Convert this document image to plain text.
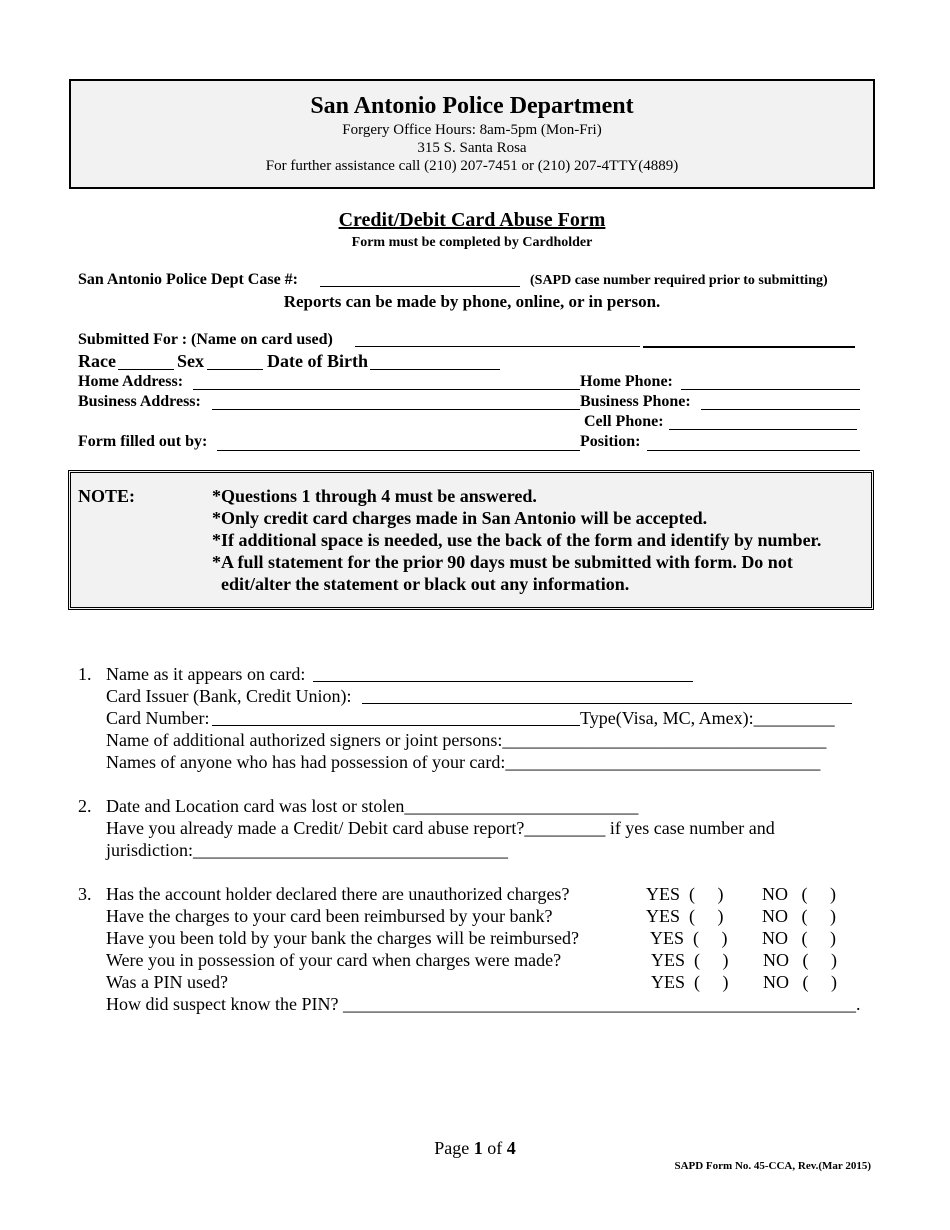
San Antonio Police Department
Forgery Office Hours: 8am-5pm (Mon-Fri)
315 S. Santa Rosa
For further assistance call (210) 207-7451 or (210) 207-4TTY(4889)
Credit/Debit Card Abuse Form
Form must be completed by Cardholder
San Antonio Police Dept Case #:	(SAPD case number required prior to submitting)
Reports can be made by phone, online, or in person.
Submitted For : (Name on card used)
Race	Sex	Date of Birth
Home Address:	Home Phone:
Business Address:	Business Phone:
Cell Phone:
Form filled out by:	Position:
NOTE:	*Questions 1 through 4 must be answered.
*Only credit card charges made in San Antonio will be accepted.
*If additional space is needed, use the back of the form and identify by number.
*A full statement for the prior 90 days must be submitted with form. Do not
edit/alter the statement or black out any information.
1. Name as it appears on card:
Card Issuer (Bank, Credit Union):
Card Number:	Type(Visa, MC, Amex):_________
Name of additional authorized signers or joint persons:____________________________________
Names of anyone who has had possession of your card:___________________________________
2. Date and Location card was lost or stolen__________________________
Have you already made a Credit/ Debit card abuse report?_________ if yes case number and
jurisdiction:___________________________________
3. Has the account holder declared there are unauthorized charges?	YES  (     ) NO   (     )
Have the charges to your card been reimbursed by your bank?	YES  (     ) NO   (     )
Have you been told by your bank the charges will be reimbursed?	YES  (     ) NO   (     )
Were you in possession of your card when charges were made?	YES  (     ) NO   (     )
Was a PIN used?	YES  (     ) NO   (     )
How did suspect know the PIN? _________________________________________________________.
Page 1 of 4
SAPD Form No. 45-CCA, Rev.(Mar 2015)
